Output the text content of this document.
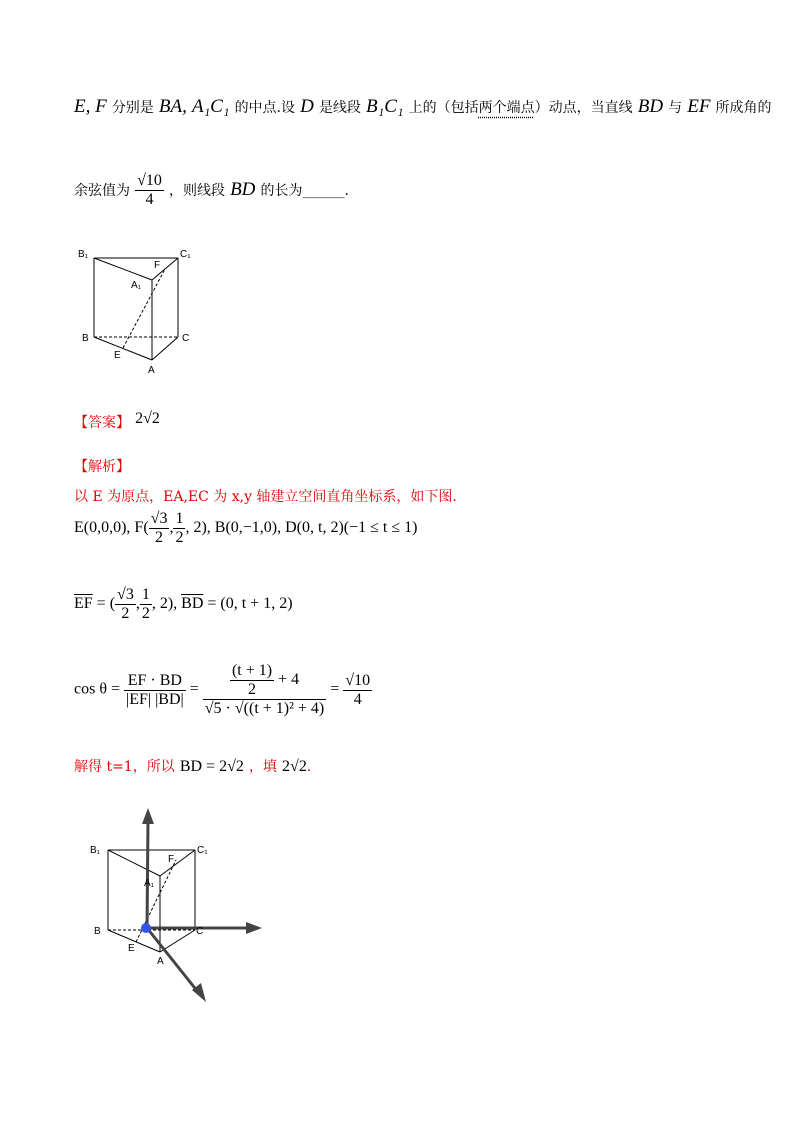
E, F 分别是 BA, A₁C₁ 的中点.设 D 是线段 B₁C₁ 上的（包括两个端点）动点，当直线 BD 与 EF 所成角的
余弦值为 $\frac{√10}{4}$ ，则线段 BD 的长为______.
B₁	C₁
F
A₁
B	C
E
A
【答案】 2√2
【解析】
以 E 为原点，EA,EC 为 x,y 轴建立空间直角坐标系，如下图.
E(0,0,0), $F( \frac{√3}{2}$ , $\frac{1}{2}$ , 2), B(0,−1,0), D(0, t, 2)(−1 ≤ t ≤ 1)
$\overline{EF}$ = ( $\frac{√3}{2}$ , $\frac{1}{2}$ , 2), $\overline{BD} = (0$, t + 1, 2)
$\cos \theta = \frac{EF \cdot BD}{|EF| |BD|} = \frac{\frac{(t + 1)}{2} + 4}{\text{√5 · √((t + 1)² + 4)}} = \frac{√10}{4}$
解得 t=1，所以 BD = 2√2 ，填 2√2.
B₁	C₁
F
A₁
B	C
E
A
